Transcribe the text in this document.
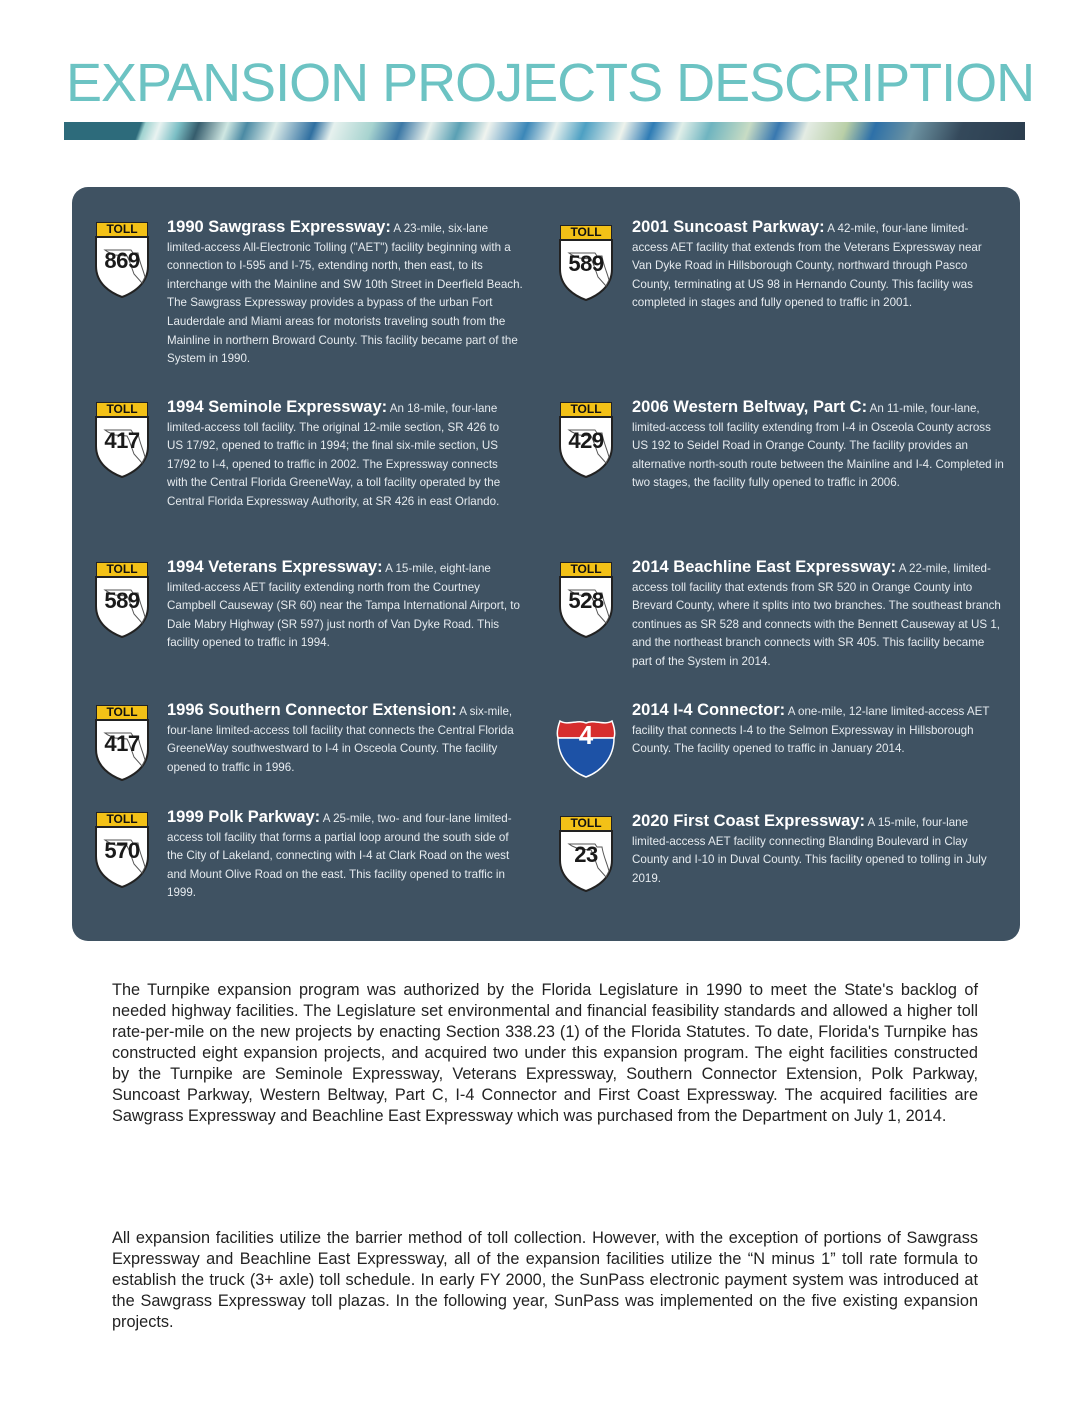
EXPANSION PROJECTS DESCRIPTION
TOLL
869
1990 Sawgrass Expressway: A 23-mile, six-lane limited-access All-Electronic Tolling ("AET") facility beginning with a connection to I-595 and I-75, extending north, then east, to its interchange with the Mainline and SW 10th Street in Deerfield Beach. The Sawgrass Expressway provides a bypass of the urban Fort Lauderdale and Miami areas for motorists traveling south from the Mainline in northern Broward County. This facility became part of the System in 1990.
TOLL
417
1994 Seminole Expressway: An 18-mile, four-lane limited-access toll facility. The original 12-mile section, SR 426 to US 17/92, opened to traffic in 1994; the final six-mile section, US 17/92 to I-4, opened to traffic in 2002. The Expressway connects with the Central Florida GreeneWay, a toll facility operated by the Central Florida Expressway Authority, at SR 426 in east Orlando.
TOLL
589
1994 Veterans Expressway: A 15-mile, eight-lane limited-access AET facility extending north from the Courtney Campbell Causeway (SR 60) near the Tampa International Airport, to Dale Mabry Highway (SR 597) just north of Van Dyke Road. This facility opened to traffic in 1994.
TOLL
417
1996 Southern Connector Extension: A six-mile, four-lane limited-access toll facility that connects the Central Florida GreeneWay southwestward to I-4 in Osceola County. The facility opened to traffic in 1996.
TOLL
570
1999 Polk Parkway: A 25-mile, two- and four-lane limited-access toll facility that forms a partial loop around the south side of the City of Lakeland, connecting with I-4 at Clark Road on the west and Mount Olive Road on the east. This facility opened to traffic in 1999.
TOLL
589
2001 Suncoast Parkway: A 42-mile, four-lane limited-access AET facility that extends from the Veterans Expressway near Van Dyke Road in Hillsborough County, northward through Pasco County, terminating at US 98 in Hernando County. This facility was completed in stages and fully opened to traffic in 2001.
TOLL
429
2006 Western Beltway, Part C: An 11-mile, four-lane, limited-access toll facility extending from I-4 in Osceola County across US 192 to Seidel Road in Orange County. The facility provides an alternative north-south route between the Mainline and I-4. Completed in two stages, the facility fully opened to traffic in 2006.
TOLL
528
2014 Beachline East Expressway: A 22-mile, limited-access toll facility that extends from SR 520 in Orange County into Brevard County, where it splits into two branches. The southeast branch continues as SR 528 and connects with the Bennett Causeway at US 1, and the northeast branch connects with SR 405. This facility became part of the System in 2014.
4
2014 I-4 Connector: A one-mile, 12-lane limited-access AET facility that connects I-4 to the Selmon Expressway in Hillsborough County. The facility opened to traffic in January 2014.
TOLL
23
2020 First Coast Expressway: A 15-mile, four-lane limited-access AET facility connecting Blanding Boulevard in Clay County and I-10 in Duval County. This facility opened to tolling in July 2019.

The Turnpike expansion program was authorized by the Florida Legislature in 1990 to meet the State's backlog of needed highway facilities. The Legislature set environmental and financial feasibility standards and allowed a higher toll rate-per-mile on the new projects by enacting Section 338.23 (1) of the Florida Statutes. To date, Florida's Turnpike has constructed eight expansion projects, and acquired two under this expansion program. The eight facilities constructed by the Turnpike are Seminole Expressway, Veterans Expressway, Southern Connector Extension, Polk Parkway, Suncoast Parkway, Western Beltway, Part C, I-4 Connector and First Coast Expressway. The acquired facilities are Sawgrass Expressway and Beachline East Expressway which was purchased from the Department on July 1, 2014.

All expansion facilities utilize the barrier method of toll collection. However, with the exception of portions of Sawgrass Expressway and Beachline East Expressway, all of the expansion facilities utilize the “N minus 1” toll rate formula to establish the truck (3+ axle) toll schedule. In early FY 2000, the SunPass electronic payment system was introduced at the Sawgrass Expressway toll plazas. In the following year, SunPass was implemented on the five existing expansion projects.
